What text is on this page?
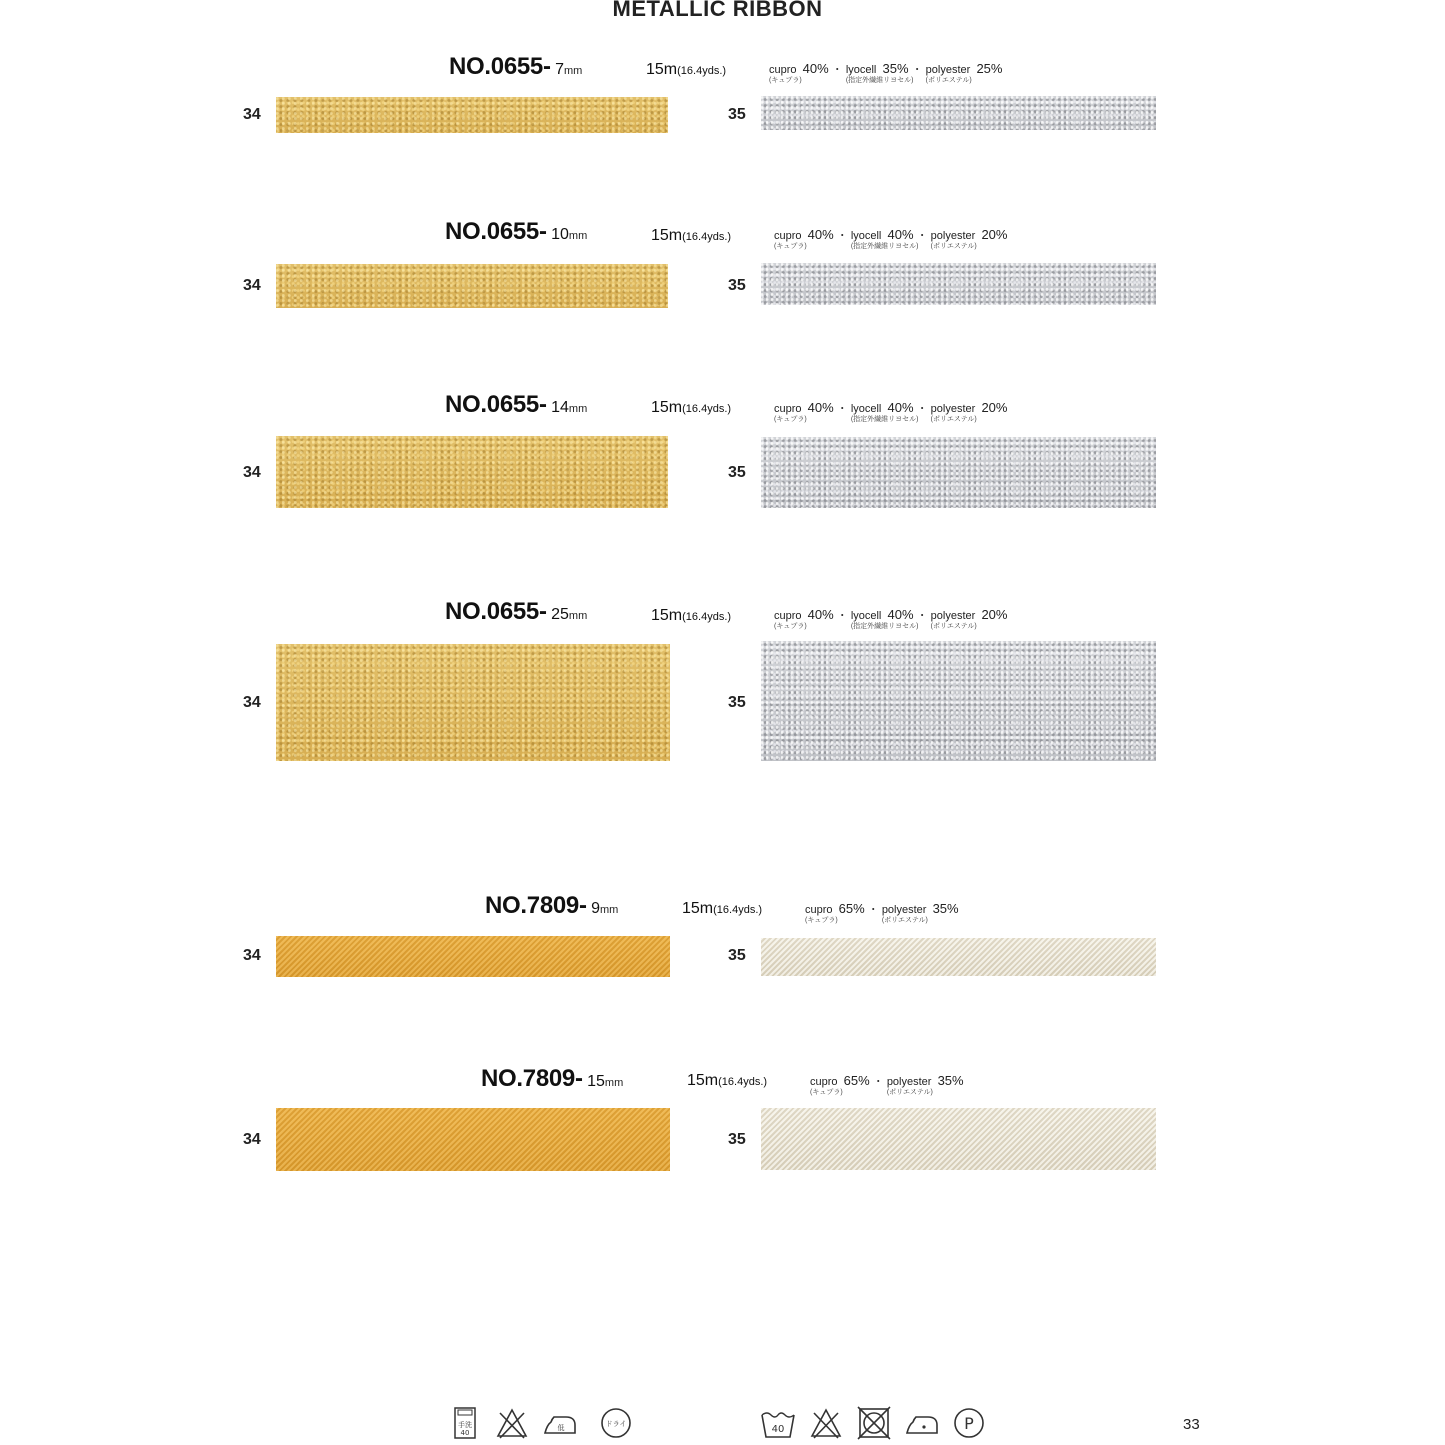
METALLIC RIBBON
NO.0655- 7mm	15m(16.4yds.)	cupro 40%
(キュプラ)
・ lyocell 35%
(指定外繊維リヨセル)
・ polyester 25%
(ポリエステル)
34	35
NO.0655- 10mm	15m(16.4yds.)	cupro 40%
(キュプラ)
・ lyocell 40%
(指定外繊維リヨセル)
・ polyester 20%
(ポリエステル)
34	35
NO.0655- 14mm	15m(16.4yds.)	cupro 40%
(キュプラ)
・ lyocell 40%
(指定外繊維リヨセル)
・ polyester 20%
(ポリエステル)
34	35
NO.0655- 25mm	15m(16.4yds.)	cupro 40%
(キュプラ)
・ lyocell 40%
(指定外繊維リヨセル)
・ polyester 20%
(ポリエステル)
34	35
NO.7809- 9mm	15m(16.4yds.)	cupro 65%
(キュプラ)
・ polyester 35%
(ポリエステル)
34	35
NO.7809- 15mm	15m(16.4yds.)	cupro 65%
(キュプラ)
・ polyester 35%
(ポリエステル)
34	35
手洗
40
低	ドライ	40	P	33
